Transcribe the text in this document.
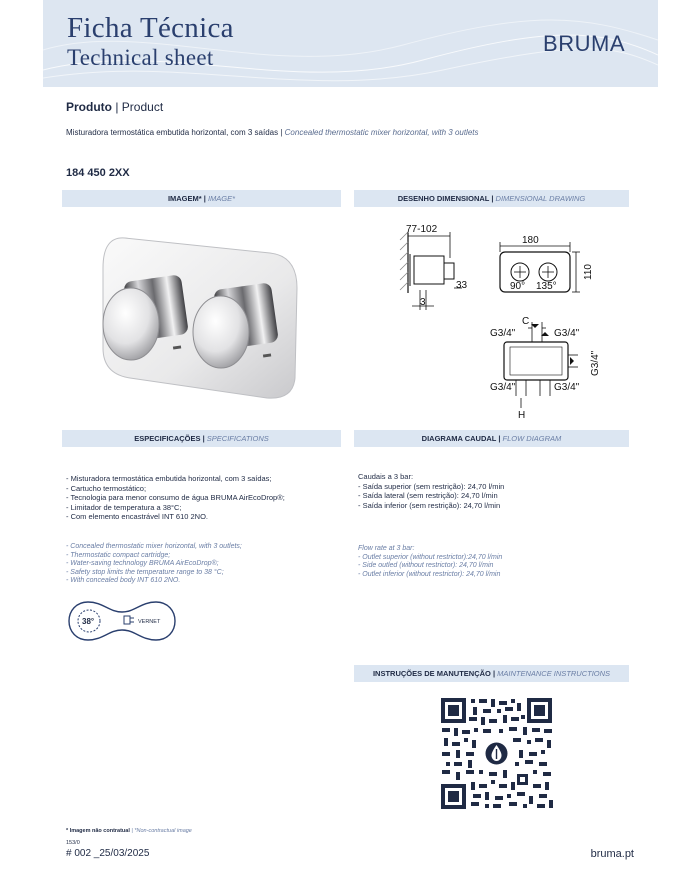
Ficha Técnica
Technical sheet
BRUMA
Produto | Product
Misturadora termostática embutida horizontal, com 3 saídas | Concealed thermostatic mixer horizontal, with 3 outlets
184 450 2XX
IMAGEM* | IMAGE*	DESENHO DIMENSIONAL | DIMENSIONAL DRAWING
77-102
33
3
180
110
90° 135°
C
G3/4"	G3/4"
G3/4"
G3/4"	G3/4"
H
ESPECIFICAÇÕES | SPECIFICATIONS	DIAGRAMA CAUDAL | FLOW DIAGRAM
- Misturadora termostática embutida horizontal, com 3 saídas;
- Cartucho termostático;
- Tecnologia para menor consumo de água BRUMA AirEcoDrop®;
- Limitador de temperatura a 38°C;
- Com elemento encastrável INT 610 2NO.
- Concealed thermostatic mixer horizontal, with 3 outlets;
- Thermostatic compact cartridge;
- Water-saving technology BRUMA AirEcoDrop®;
- Safety stop limits the temperature range to 38 °C;
- With concealed body INT 610 2NO.
Caudais a 3 bar:
- Saída superior (sem restrição): 24,70 l/min
- Saída lateral (sem restrição): 24,70 l/min
- Saída inferior (sem restrição): 24,70 l/min
Flow rate at 3 bar:
- Outlet superior (without restrictor):24,70 l/min
- Side outled (without restrictor): 24,70 l/min
- Outlet inferior (without restrictor): 24,70 l/min
38°	VERNET
INSTRUÇÕES DE MANUTENÇÃO | MAINTENANCE INSTRUCTIONS
* Imagem não contratual | *Non-contractual image
153/0
# 002 _25/03/2025	bruma.pt
